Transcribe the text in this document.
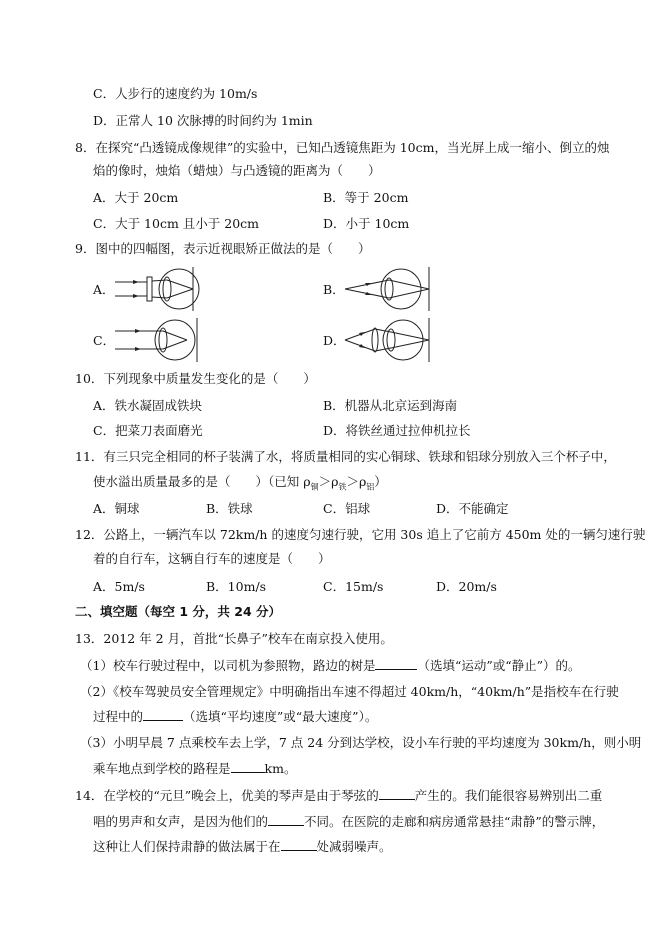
C．人步行的速度约为 10m/s
D．正常人 10 次脉搏的时间约为 1min
8．在探究“凸透镜成像规律”的实验中，已知凸透镜焦距为 10cm，当光屏上成一缩小、倒立的烛
焰的像时，烛焰（蜡烛）与凸透镜的距离为（　　）
A．大于 20cm	B．等于 20cm
C．大于 10cm 且小于 20cm	D．小于 10cm
9．图中的四幅图，表示近视眼矫正做法的是（　　）
A．	B．
C．	D．
10．下列现象中质量发生变化的是（　　）
A．铁水凝固成铁块	B．机器从北京运到海南
C．把菜刀表面磨光	D．将铁丝通过拉伸机拉长
11．有三只完全相同的杯子装满了水，将质量相同的实心铜球、铁球和铝球分别放入三个杯子中，
使水溢出质量最多的是（　　）（已知 $\rho_铜>\rho_铁>\rho_铝$）
A．铜球	B．铁球	C．铝球	D．不能确定
12．公路上，一辆汽车以 72km/h 的速度匀速行驶，它用 30s 追上了它前方 450m 处的一辆匀速行驶
着的自行车，这辆自行车的速度是（　　）
A．5m/s	B．10m/s	C．15m/s	D．20m/s
二、填空题（每空 1 分，共 24 分）
13．2012 年 2 月，首批“长鼻子”校车在南京投入使用。
（1）校车行驶过程中，以司机为参照物，路边的树是	（选填“运动”或“静止”）的。
（2）《校车驾驶员安全管理规定》中明确指出车速不得超过 40km/h，“40km/h”是指校车在行驶
过程中的	（选填“平均速度”或“最大速度”）。
（3）小明早晨 7 点乘校车去上学，7 点 24 分到达学校，设小车行驶的平均速度为 30km/h，则小明
乘车地点到学校的路程是	km。
14．在学校的“元旦”晚会上，优美的琴声是由于琴弦的	产生的。我们能很容易辨别出二重
唱的男声和女声，是因为他们的	不同。在医院的走廊和病房通常悬挂“肃静”的警示牌，
这种让人们保持肃静的做法属于在	处减弱噪声。
